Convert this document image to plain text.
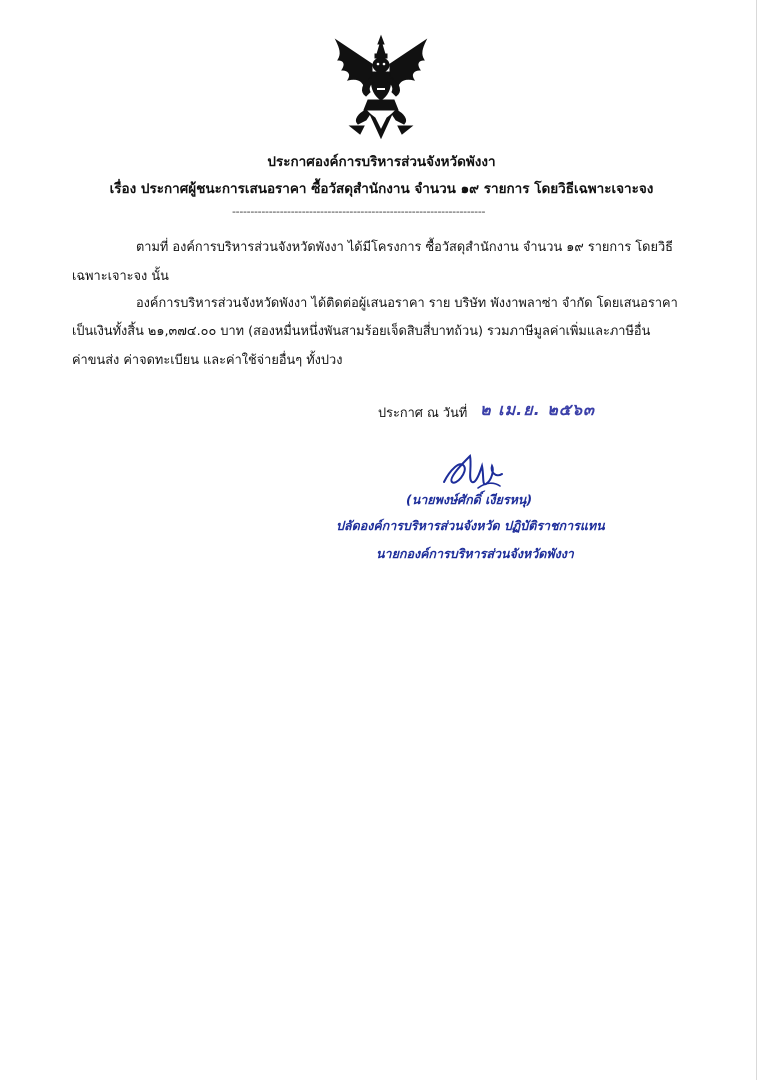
ประกาศองค์การบริหารส่วนจังหวัดพังงา
เรื่อง ประกาศผู้ชนะการเสนอราคา ซื้อวัสดุสำนักงาน จำนวน ๑๙ รายการ โดยวิธีเฉพาะเจาะจง
---------------------------------------------------------------------
ตามที่ องค์การบริหารส่วนจังหวัดพังงา ได้มีโครงการ ซื้อวัสดุสำนักงาน จำนวน ๑๙ รายการ โดยวิธี
เฉพาะเจาะจง นั้น
องค์การบริหารส่วนจังหวัดพังงา ได้ติดต่อผู้เสนอราคา ราย บริษัท พังงาพลาซ่า จำกัด โดยเสนอราคา
เป็นเงินทั้งสิ้น ๒๑,๓๗๔.๐๐ บาท (สองหมื่นหนึ่งพันสามร้อยเจ็ดสิบสี่บาทถ้วน) รวมภาษีมูลค่าเพิ่มและภาษีอื่น
ค่าขนส่ง ค่าจดทะเบียน และค่าใช้จ่ายอื่นๆ ทั้งปวง
ประกาศ ณ วันที่ ๒ เม.ย. ๒๕๖๓
(นายพงษ์ศักดิ์ เงียรหนุ)
ปลัดองค์การบริหารส่วนจังหวัด ปฏิบัติราชการแทน
นายกองค์การบริหารส่วนจังหวัดพังงา
